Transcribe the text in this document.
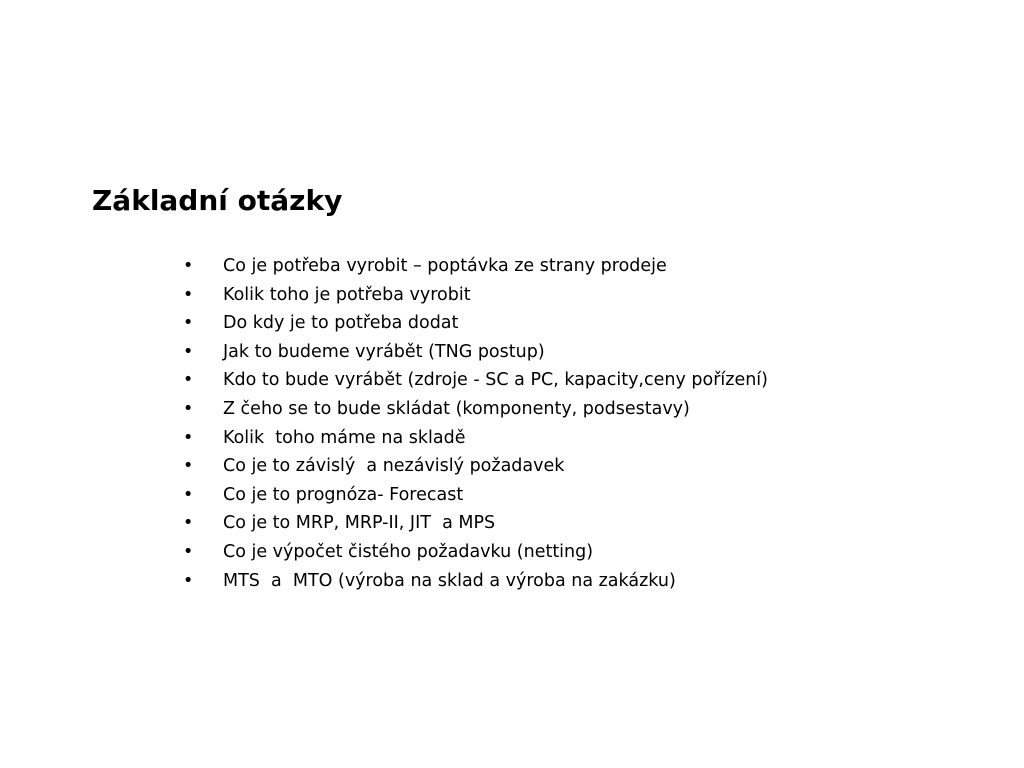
Základní otázky
•	Co je potřeba vyrobit – poptávka ze strany prodeje
•	Kolik toho je potřeba vyrobit
•	Do kdy je to potřeba dodat
•	Jak to budeme vyrábět (TNG postup)
•	Kdo to bude vyrábět (zdroje - SC a PC, kapacity,ceny pořízení)
•	Z čeho se to bude skládat (komponenty, podsestavy)
•	Kolik  toho máme na skladě
•	Co je to závislý  a nezávislý požadavek
•	Co je to prognóza- Forecast
•	Co je to MRP, MRP-II, JIT  a MPS
•	Co je výpočet čistého požadavku (netting)
•	MTS  a  MTO (výroba na sklad a výroba na zakázku)
